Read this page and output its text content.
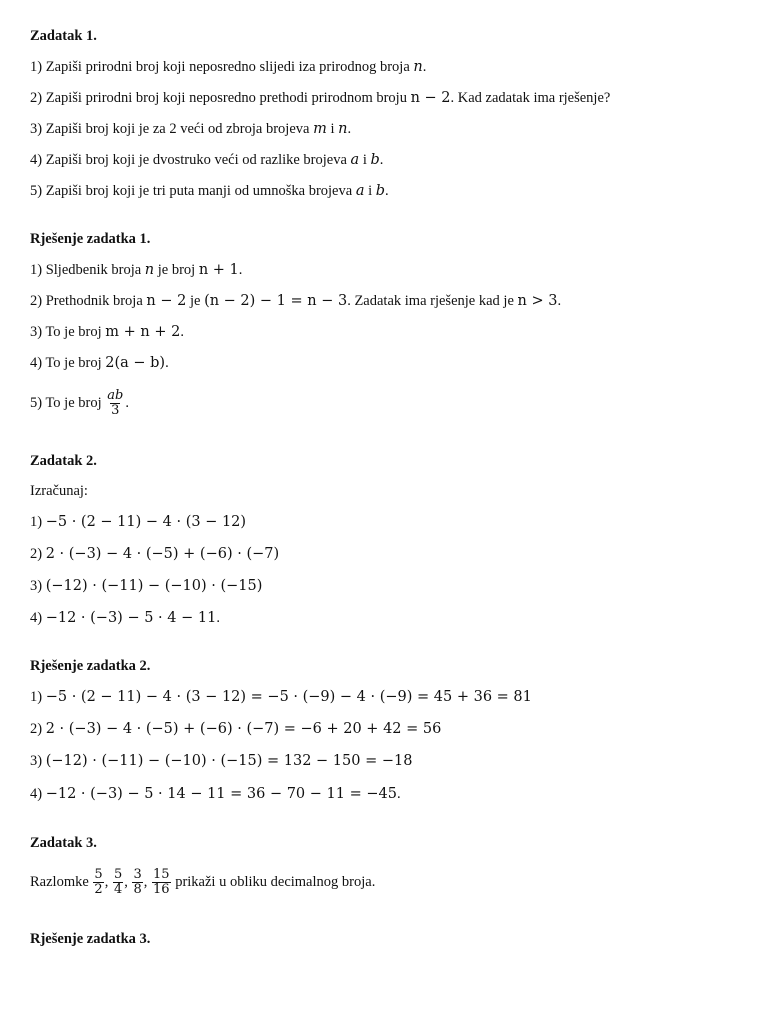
Zadatak 1.
1) Zapiši prirodni broj koji neposredno slijedi iza prirodnog broja n.
2) Zapiši prirodni broj koji neposredno prethodi prirodnom broju n − 2. Kad zadatak ima rješenje?
3) Zapiši broj koji je za 2 veći od zbroja brojeva m i n.
4) Zapiši broj koji je dvostruko veći od razlike brojeva a i b.
5) Zapiši broj koji je tri puta manji od umnoška brojeva a i b.
Rješenje zadatka 1.
1) Sljedbenik broja n je broj n + 1.
2) Prethodnik broja n − 2 je (n − 2) − 1 = n − 3. Zadatak ima rješenje kad je n > 3.
3) To je broj m + n + 2.
4) To je broj 2(a − b).
5) To je broj $\frac{ab}{3}$ .
Zadatak 2.
Izračunaj:
1) −5 · (2 − 11) − 4 · (3 − 12)
2) 2 · (−3) − 4 · (−5) + (−6) · (−7)
3) (−12) · (−11) − (−10) · (−15)
4) −12 · (−3) − 5 · 4 − 11.
Rješenje zadatka 2.
1) −5 · (2 − 11) − 4 · (3 − 12) = −5 · (−9) − 4 · (−9) = 45 + 36 = 81
2) 2 · (−3) − 4 · (−5) + (−6) · (−7) = −6 + 20 + 42 = 56
3) (−12) · (−11) − (−10) · (−15) = 132 − 150 = −18
4) −12 · (−3) − 5 · 14 − 11 = 36 − 70 − 11 = −45.
Zadatak 3.
Razlomke $\frac{5}{2}$ , $\frac{5}{4}$ , $\frac{3}{8}$ , $\frac{15}{16}$ prikaži u obliku decimalnog broja.
Rješenje zadatka 3.
